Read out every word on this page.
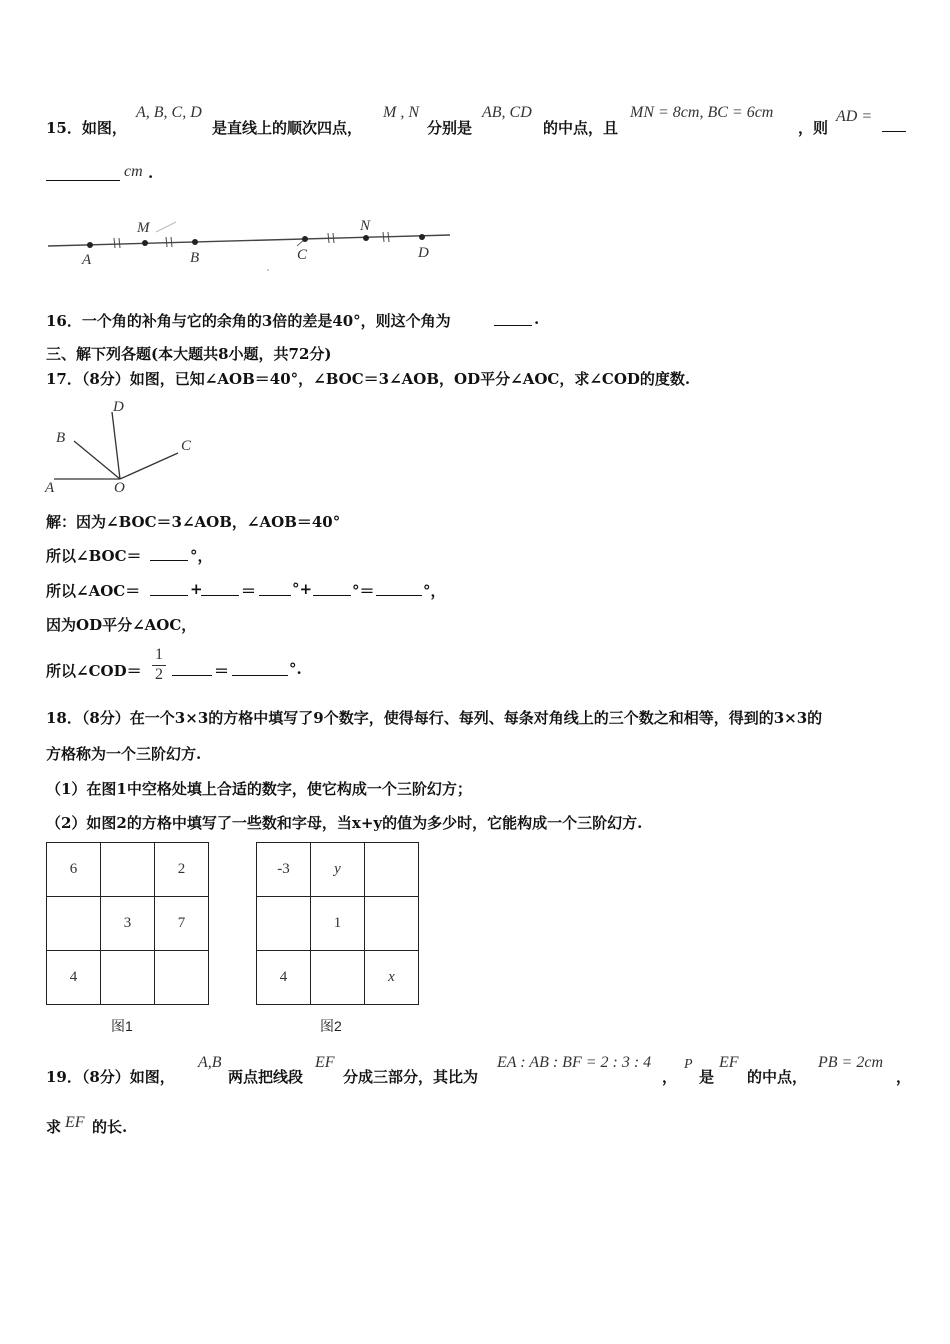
15．如图，
A, B, C, D
是直线上的顺次四点，
M , N
分别是
AB, CD
的中点，且
MN = 8cm, BC = 6cm
，则
AD =
cm .
A
M
B	C
N
D
16．一个角的补角与它的余角的3倍的差是40°，则这个角为	.
三、解下列各题(本大题共8小题，共72分)
17．（8分）如图，已知∠AOB＝40°，∠BOC＝3∠AOB，OD平分∠AOC，求∠COD的度数.
D
B	C
A	O
解：因为∠BOC＝3∠AOB，∠AOB＝40°
所以∠BOC＝	°，
所以∠AOC＝	+	＝ °+	°＝	°，
因为OD平分∠AOC，
所以∠COD＝ $\frac{1}{2}$	＝	°.
18．（8分）在一个3×3的方格中填写了9个数字，使得每行、每列、每条对角线上的三个数之和相等，得到的3×3的
方格称为一个三阶幻方.
（1）在图1中空格处填上合适的数字，使它构成一个三阶幻方；
（2）如图2的方格中填写了一些数和字母，当x+y的值为多少时，它能构成一个三阶幻方.
6		2
	3	7
4		
图1
-3	y	
	1	
4		x
图2
19．（8分）如图，
A,B
两点把线段
EF
分成三部分，其比为
EA : AB : BF = 2 : 3 : 4
，
P
是
EF
的中点，
PB = 2cm
，
求 EF 的长.
